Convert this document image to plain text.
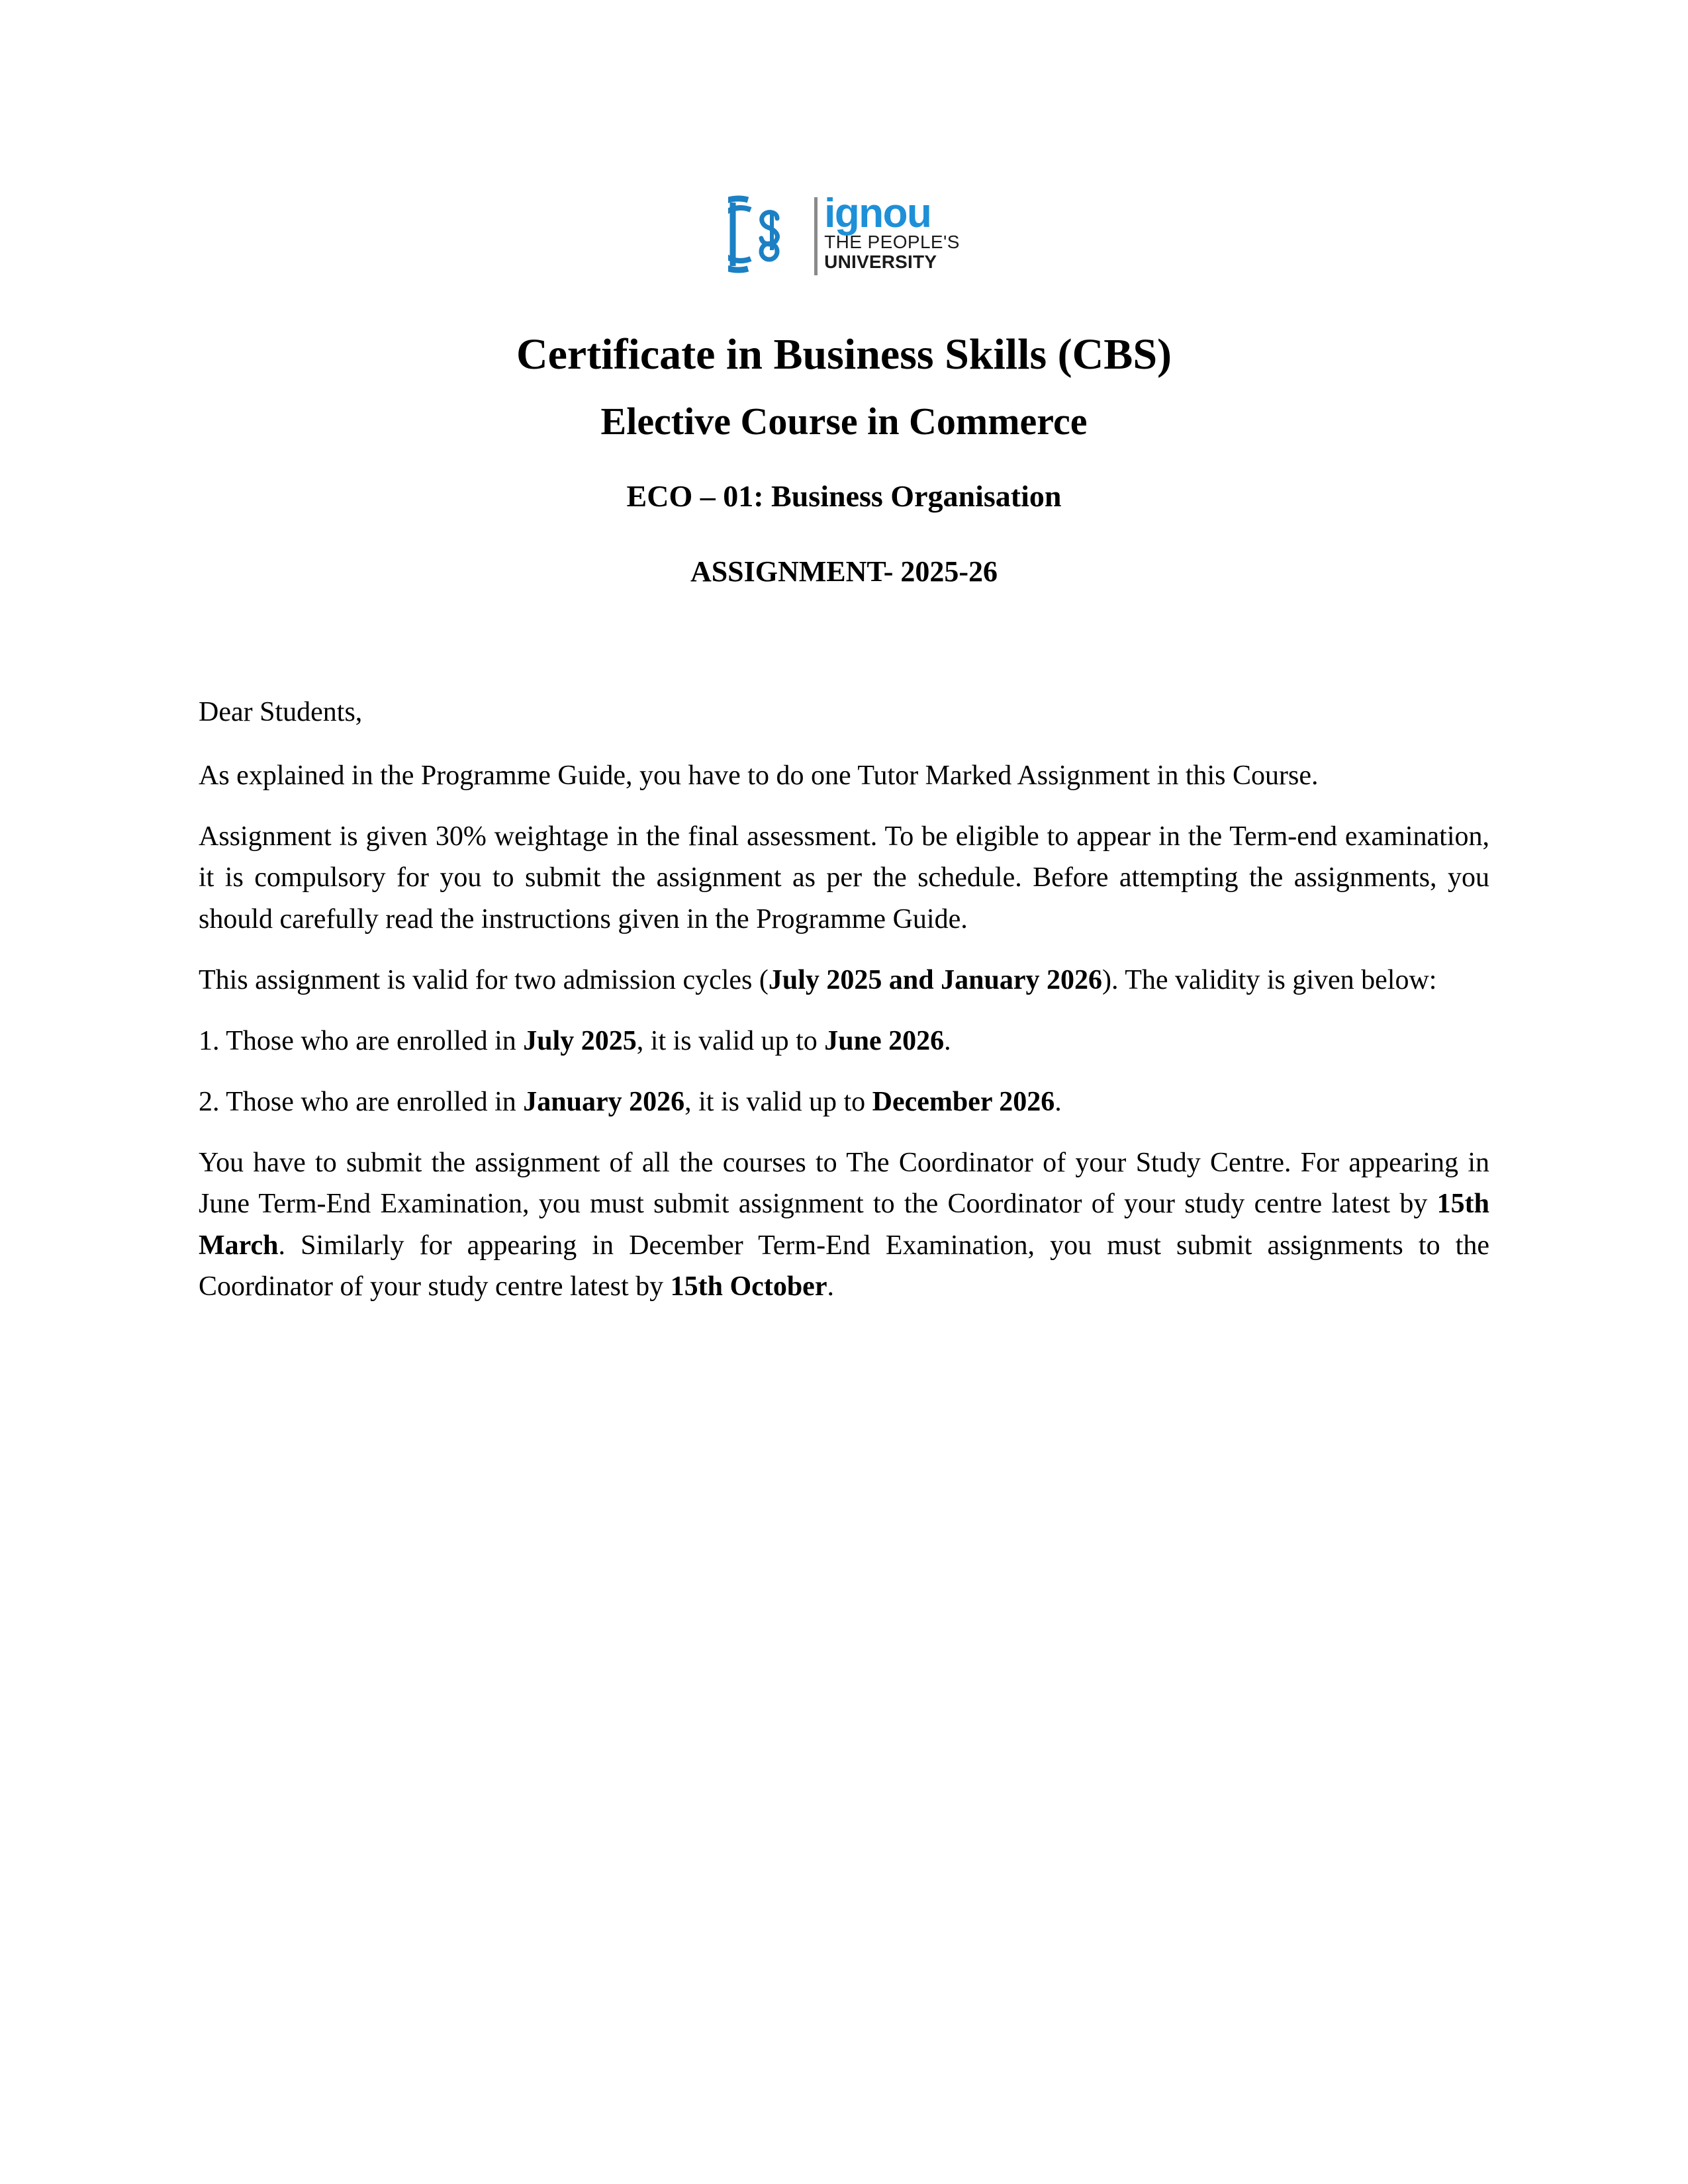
ignou
THE PEOPLE'S
UNIVERSITY
Certificate in Business Skills (CBS)
Elective Course in Commerce
ECO – 01: Business Organisation
ASSIGNMENT- 2025-26

Dear Students,

As explained in the Programme Guide, you have to do one Tutor Marked Assignment in this Course.

Assignment is given 30% weightage in the final assessment. To be eligible to appear in the Term-end examination, it is compulsory for you to submit the assignment as per the schedule. Before attempting the assignments, you should carefully read the instructions given in the Programme Guide.

This assignment is valid for two admission cycles (July 2025 and January 2026). The validity is given below:

1. Those who are enrolled in July 2025, it is valid up to June 2026.

2. Those who are enrolled in January 2026, it is valid up to December 2026.

You have to submit the assignment of all the courses to The Coordinator of your Study Centre. For appearing in June Term-End Examination, you must submit assignment to the Coordinator of your study centre latest by 15th March. Similarly for appearing in December Term-End Examination, you must submit assignments to the Coordinator of your study centre latest by 15th October.
